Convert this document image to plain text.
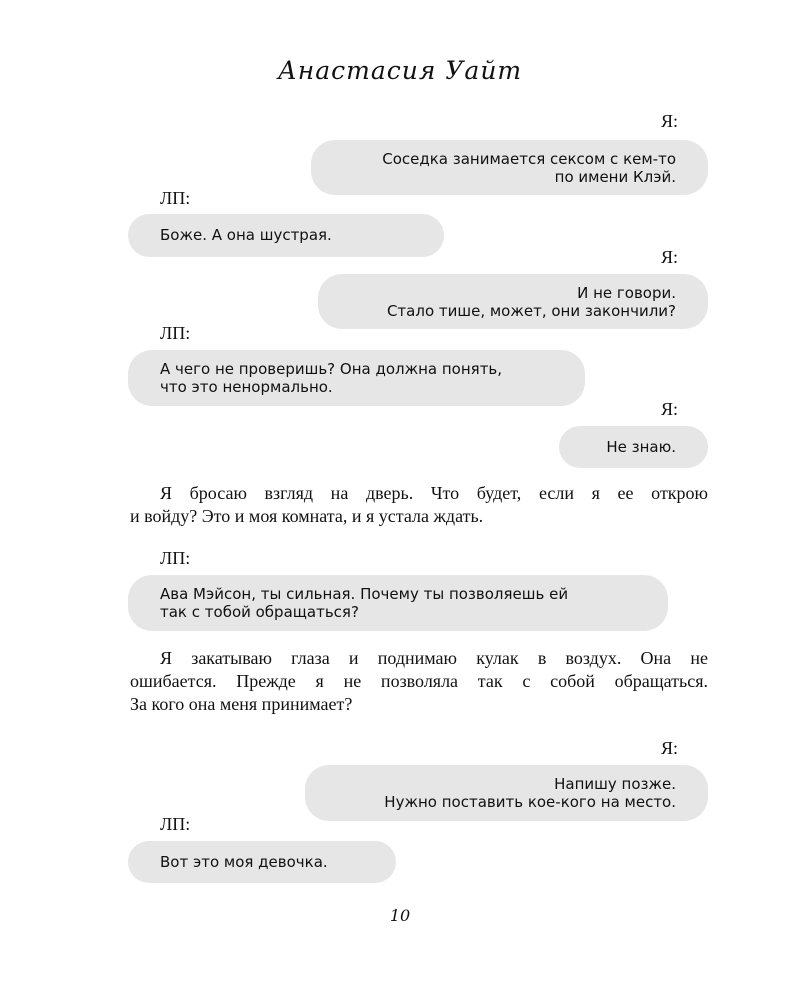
Анастасия Уайт
Я:
Соседка занимается сексом с кем-то
по имени Клэй.
ЛП:
Боже. А она шустрая.
Я:
И не говори.
Стало тише, может, они закончили?
ЛП:
А чего не проверишь? Она должна понять,
что это ненормально.
Я:
Не знаю.
Я бросаю взгляд на дверь. Что будет, если я ее открою
и войду? Это и моя комната, и я устала ждать.
ЛП:
Ава Мэйсон, ты сильная. Почему ты позволяешь ей
так с тобой обращаться?
Я закатываю глаза и поднимаю кулак в воздух. Она не
ошибается. Прежде я не позволяла так с собой обращаться.
За кого она меня принимает?
Я:
Напишу позже.
Нужно поставить кое-кого на место.
ЛП:
Вот это моя девочка.
10
